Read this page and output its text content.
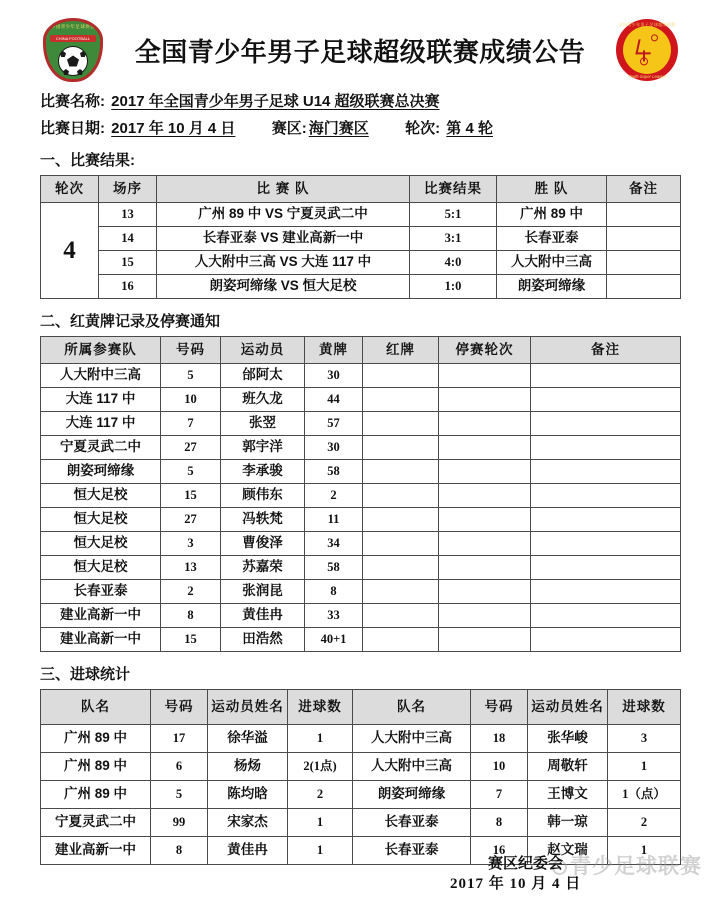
中国青少年足球协会
CHINA FOOTBALL	全国青少年男子足球超级联赛成绩公告
全国青少年男子足球超级联赛
Youth Super League
比赛名称: 2017 年全国青少年男子足球 U14 超级联赛总决赛
比赛日期: 2017 年 10 月 4 日 赛区: 海门赛区 轮次: 第 4 轮
一、比赛结果:
轮次	场序	比 赛 队	比赛结果	胜 队	备注
4	13	广州 89 中 VS 宁夏灵武二中	5:1	广州 89 中	
	14	长春亚泰 VS 建业高新一中	3:1	长春亚泰	
	15	人大附中三高 VS 大连 117 中	4:0	人大附中三高	
	16	朗姿珂缔缘 VS 恒大足校	1:0	朗姿珂缔缘	
二、红黄牌记录及停赛通知
所属参赛队	号码	运动员	黄牌	红牌	停赛轮次	备注
人大附中三高	5	邰阿太	30			
大连 117 中	10	班久龙	44			
大连 117 中	7	张翌	57			
宁夏灵武二中	27	郭宇洋	30			
朗姿珂缔缘	5	李承骏	58			
恒大足校	15	顾伟东	2			
恒大足校	27	冯轶梵	11			
恒大足校	3	曹俊泽	34			
恒大足校	13	苏嘉荣	58			
长春亚泰	2	张润昆	8			
建业高新一中	8	黄佳冉	33			
建业高新一中	15	田浩然	40+1			
三、进球统计
队名	号码	运动员姓名	进球数	队名	号码	运动员姓名	进球数
广州 89 中	17	徐华溢	1	人大附中三高	18	张华峻	3
广州 89 中	6	杨炀	2(1点)	人大附中三高	10	周敬轩	1
广州 89 中	5	陈均晗	2	朗姿珂缔缘	7	王博文	1（点）
宁夏灵武二中	99	宋家杰	1	长春亚泰	8	韩一琼	2
建业高新一中	8	黄佳冉	1	长春亚泰	16	赵文瑞	1
青少足球联赛
赛区纪委会
2017 年 10 月 4 日
